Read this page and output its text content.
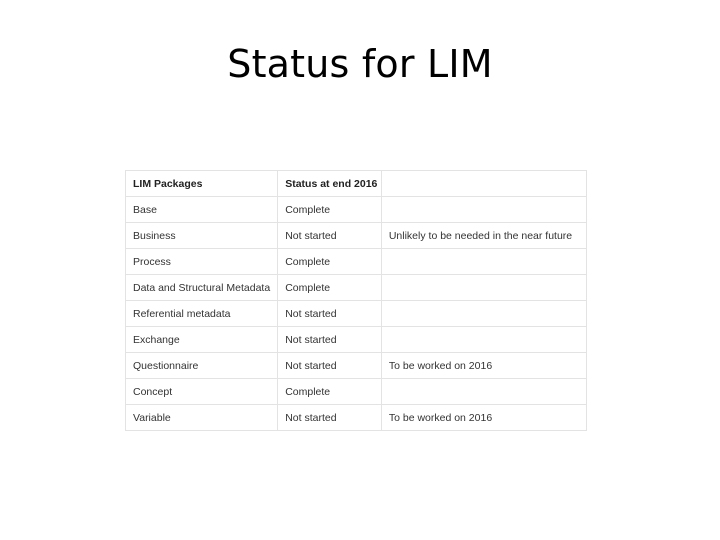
Status for LIM
LIM Packages	Status at end 2016	
Base	Complete	
Business	Not started	Unlikely to be needed in the near future
Process	Complete	
Data and Structural Metadata	Complete	
Referential metadata	Not started	
Exchange	Not started	
Questionnaire	Not started	To be worked on 2016
Concept	Complete	
Variable	Not started	To be worked on 2016
